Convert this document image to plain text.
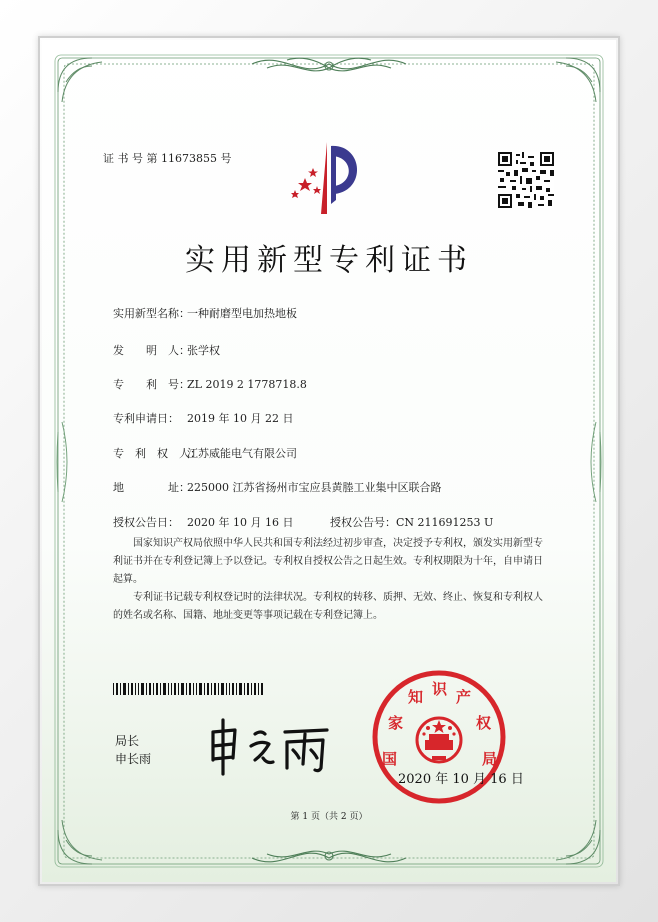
证 书 号 第 11673855 号
实用新型专利证书
实用新型名称：一种耐磨型电加热地板
发　　明　人：张学权
专　　利　号：ZL 2019 2 1778718.8
专利申请日： 2019 年 10 月 22 日
专　利　权　人：江苏威能电气有限公司
地　　　　址：225000 江苏省扬州市宝应县黄塍工业集中区联合路
授权公告日： 2020 年 10 月 16 日	授权公告号：CN 211691253 U
国家知识产权局依照中华人民共和国专利法经过初步审查，决定授予专利权，颁发实用新型专利证书并在专利登记簿上予以登记。专利权自授权公告之日起生效。专利权期限为十年，自申请日起算。
专利证书记载专利权登记时的法律状况。专利权的转移、质押、无效、终止、恢复和专利权人的姓名或名称、国籍、地址变更等事项记载在专利登记簿上。
局长
申长雨	国
家
知 识 产
权
局
2020 年 10 月 16 日
第 1 页（共 2 页）
